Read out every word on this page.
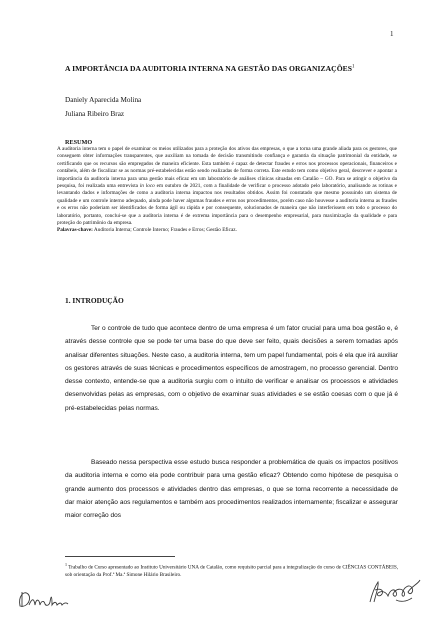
1
A IMPORTÂNCIA DA AUDITORIA INTERNA NA GESTÃO DAS ORGANIZAÇÕES$^1$
Daniely Aparecida Molina
Juliana Ribeiro Braz
RESUMO
A auditoria interna tem o papel de examinar os meios utilizados para a proteção dos ativos das empresas, o que a torna uma grande aliada para os gestores, que conseguem obter informações transparentes, que auxiliam na tomada de decisão transmitindo confiança e garantia da situação patrimonial da entidade, se certificando que os recursos são empregados de maneira eficiente. Esta também é capaz de detectar fraudes e erros nos processos operacionais, financeiros e contábeis, além de fiscalizar se as normas pré-estabelecidas estão sendo realizadas de forma correta. Este estudo tem como objetivo geral, descrever e apontar a importância da auditoria interna para uma gestão mais eficaz em um laboratório de análises clínicas situadas em Catalão – GO. Para se atingir o objetivo da pesquisa, foi realizada uma entrevista in loco em outubro de 2021, com a finalidade de verificar o processo adotado pelo laboratório, analisando as rotinas e levantando dados e informações de como a auditoria interna impactou nos resultados obtidos. Assim foi constatado que mesmo possuindo um sistema de qualidade e um controle interno adequado, ainda pode haver algumas fraudes e erros nos procedimentos, porém caso não houvesse a auditoria interna as fraudes e os erros não poderiam ser identificados de forma ágil ou rápida e por consequente, solucionados de maneira que não interferissem em todo o processo do laboratório, portanto, conclui-se que a auditoria interna é de extrema importância para o desempenho empresarial, para maximização da qualidade e para proteção do patrimônio da empresa.
Palavras-chave: Auditoria Interna; Controle Interno; Fraudes e Erros; Gestão Eficaz.
1. INTRODUÇÃO
Ter o controle de tudo que acontece dentro de uma empresa é um fator crucial para uma boa gestão e, é através desse controle que se pode ter uma base do que deve ser feito, quais decisões a serem tomadas após analisar diferentes situações. Neste caso, a auditoria interna, tem um papel fundamental, pois é ela que irá auxiliar os gestores através de suas técnicas e procedimentos específicos de amostragem, no processo gerencial. Dentro desse contexto, entende-se que a auditoria surgiu com o intuito de verificar e analisar os processos e atividades desenvolvidas pelas as empresas, com o objetivo de examinar suas atividades e se estão coesas com o que já é pré-estabelecidas pelas normas.
Baseado nessa perspectiva esse estudo busca responder a problemática de quais os impactos positivos da auditoria interna e como ela pode contribuir para uma gestão eficaz? Obtendo como hipótese de pesquisa o grande aumento dos processos e atividades dentro das empresas, o que se torna recorrente a necessidade de dar maior atenção aos regulamentos e também aos procedimentos realizados internamente; fiscalizar e assegurar maior correção dos
$^1$ Trabalho de Curso apresentado ao Instituto Universitário UNA de Catalão, como requisito parcial para a integralização do curso de CIÊNCIAS CONTÁBEIS, sob orientação da Prof.ª Ma.ª Simone Hilário Brasileiro.
